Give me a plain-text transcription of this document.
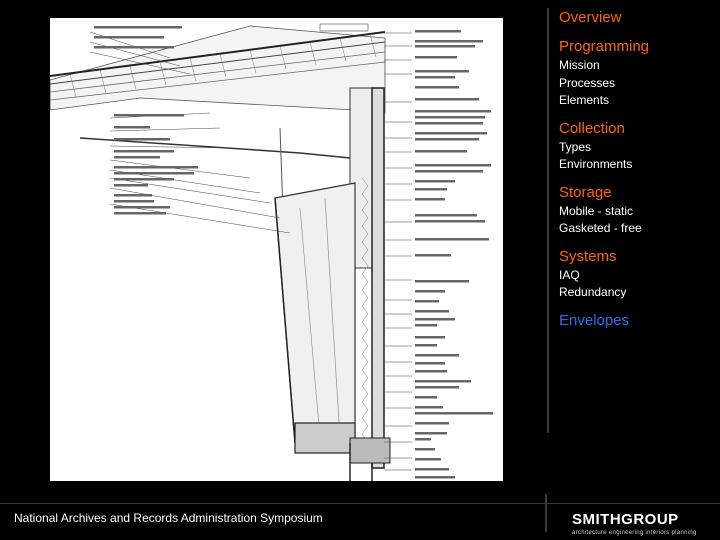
Overview
Programming
Mission
Processes
Elements
Collection
Types
Environments
Storage
Mobile - static
Gasketed - free
Systems
IAQ
Redundancy
Envelopes
National Archives and Records Administration Symposium	SMITHGROUP
architecture engineering interiors planning
